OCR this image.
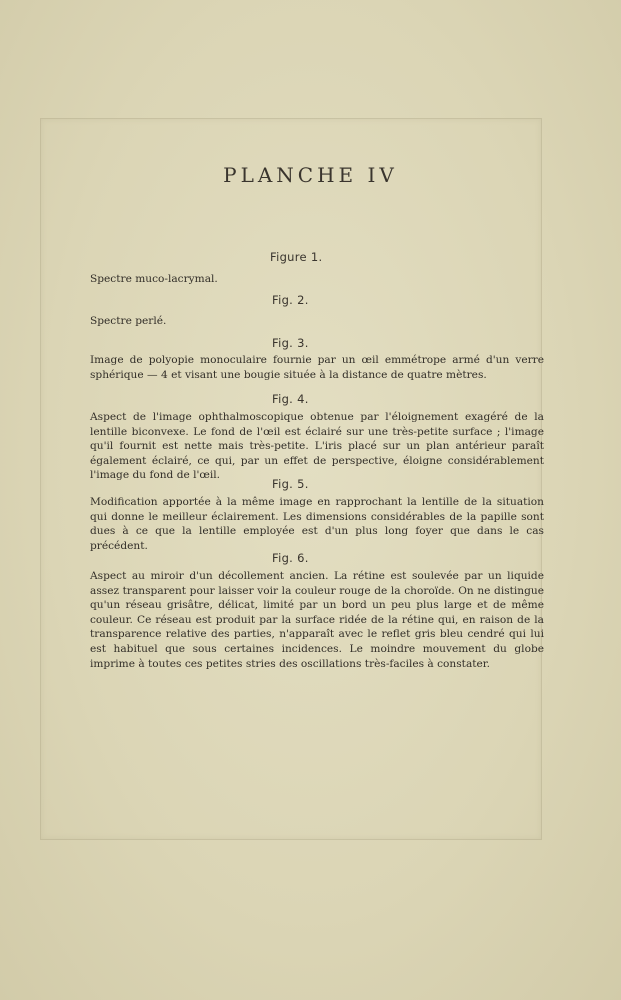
PLANCHE IV
Figure 1.
Spectre muco-lacrymal.
Fig. 2.
Spectre perlé.
Fig. 3.
Image de polyopie monoculaire fournie par un œil emmétrope armé d'un verre sphérique — 4 et visant une bougie située à la distance de quatre mètres.
Fig. 4.
Aspect de l'image ophthalmoscopique obtenue par l'éloignement exagéré de la lentille biconvexe. Le fond de l'œil est éclairé sur une très-petite surface ; l'image qu'il fournit est nette mais très-petite. L'iris placé sur un plan antérieur paraît également éclairé, ce qui, par un effet de perspective, éloigne considérablement l'image du fond de l'œil.
Fig. 5.
Modification apportée à la même image en rapprochant la lentille de la situation qui donne le meilleur éclairement. Les dimensions considérables de la papille sont dues à ce que la lentille employée est d'un plus long foyer que dans le cas précédent.
Fig. 6.
Aspect au miroir d'un décollement ancien. La rétine est soulevée par un liquide assez transparent pour laisser voir la couleur rouge de la choroïde. On ne distingue qu'un réseau grisâtre, délicat, limité par un bord un peu plus large et de même couleur. Ce réseau est produit par la surface ridée de la rétine qui, en raison de la transparence relative des parties, n'apparaît avec le reflet gris bleu cendré qui lui est habituel que sous certaines incidences. Le moindre mouvement du globe imprime à toutes ces petites stries des oscillations très-faciles à constater.
